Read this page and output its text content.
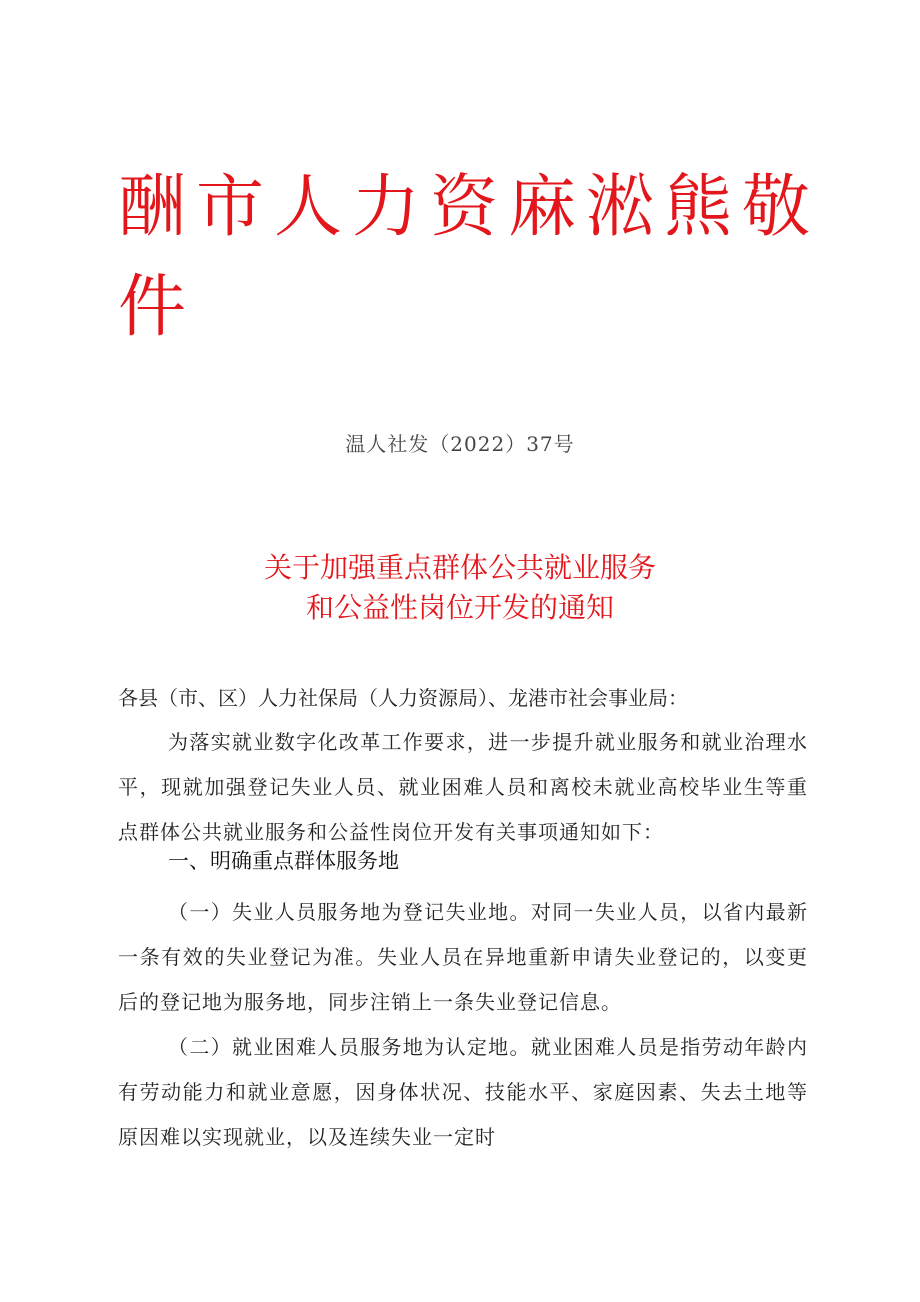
酬市人力资麻淞熊敬
件
温人社发（2022）37号
关于加强重点群体公共就业服务
和公益性岗位开发的通知
各县（市、区）人力社保局（人力资源局）、龙港市社会事业局：
为落实就业数字化改革工作要求，进一步提升就业服务和就业治理水平，现就加强登记失业人员、就业困难人员和离校未就业高校毕业生等重点群体公共就业服务和公益性岗位开发有关事项通知如下：
一、明确重点群体服务地
（一）失业人员服务地为登记失业地。对同一失业人员，以省内最新一条有效的失业登记为准。失业人员在异地重新申请失业登记的，以变更后的登记地为服务地，同步注销上一条失业登记信息。
（二）就业困难人员服务地为认定地。就业困难人员是指劳动年龄内有劳动能力和就业意愿，因身体状况、技能水平、家庭因素、失去土地等原因难以实现就业，以及连续失业一定时
